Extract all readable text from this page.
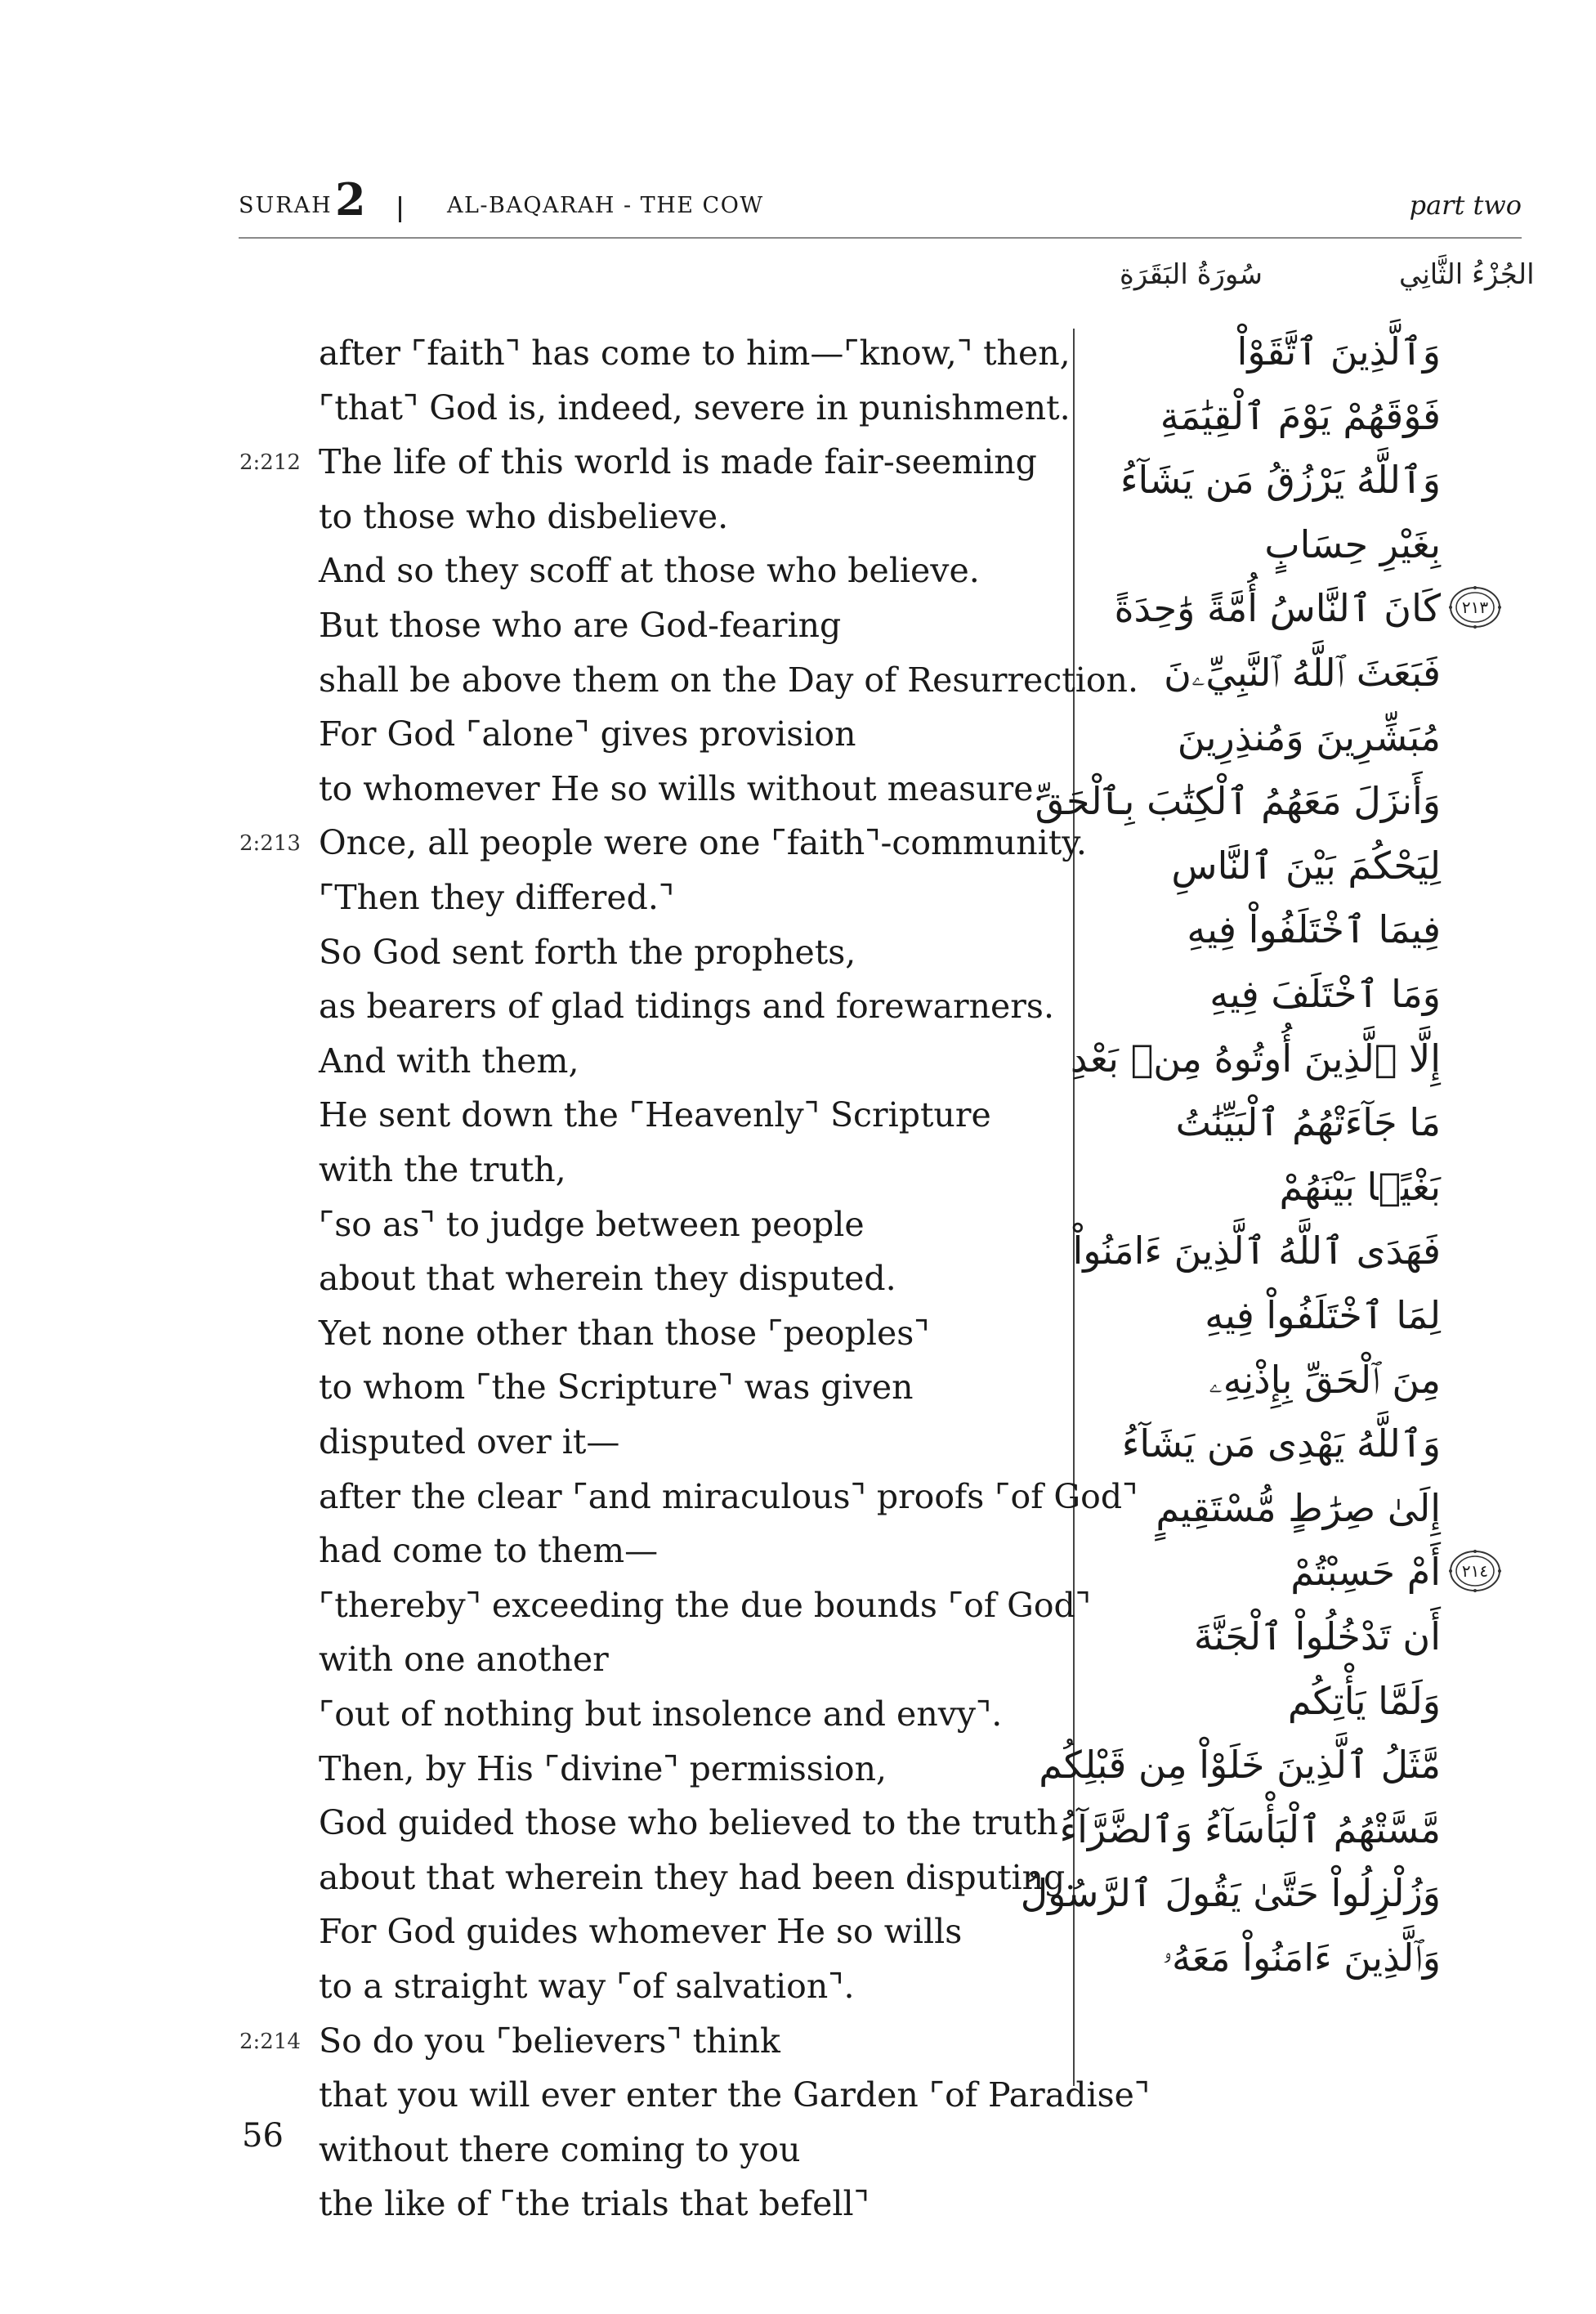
SURAH 2	AL-BAQARAH - THE COW	part two
سُورَةُ البَقَرَةِ	الجُزْءُ الثَّانِي
56
after ⌜faith⌝ has come to him—⌜know,⌝ then,
⌜that⌝ God is, indeed, severe in punishment.
2:212 The life of this world is made fair-seeming
to those who disbelieve.
And so they scoff at those who believe.
But those who are God-fearing
shall be above them on the Day of Resurrection.
For God ⌜alone⌝ gives provision
to whomever He so wills without measure.
2:213 Once, all people were one ⌜faith⌝-community.
⌜Then they differed.⌝
So God sent forth the prophets,
as bearers of glad tidings and forewarners.
And with them,
He sent down the ⌜Heavenly⌝ Scripture
with the truth,
⌜so as⌝ to judge between people
about that wherein they disputed.
Yet none other than those ⌜peoples⌝
to whom ⌜the Scripture⌝ was given
disputed over it—
after the clear ⌜and miraculous⌝ proofs ⌜of God⌝
had come to them—
⌜thereby⌝ exceeding the due bounds ⌜of God⌝
with one another
⌜out of nothing but insolence and envy⌝.
Then, by His ⌜divine⌝ permission,
God guided those who believed to the truth
about that wherein they had been disputing.
For God guides whomever He so wills
to a straight way ⌜of salvation⌝.
2:214 So do you ⌜believers⌝ think
that you will ever enter the Garden ⌜of Paradise⌝
without there coming to you
the like of ⌜the trials that befell⌝
وَٱلَّذِينَ ٱتَّقَوْاْ
فَوْقَهُمْ يَوْمَ ٱلْقِيَٰمَةِ
وَٱللَّهُ يَرْزُقُ مَن يَشَآءُ
بِغَيْرِ حِسَابٍ
كَانَ ٱلنَّاسُ أُمَّةً وَٰحِدَةً	٢١٣
فَبَعَثَ ٱللَّهُ ٱلنَّبِيِّۦنَ
مُبَشِّرِينَ وَمُنذِرِينَ
وَأَنزَلَ مَعَهُمُ ٱلْكِتَٰبَ بِٱلْحَقِّ
لِيَحْكُمَ بَيْنَ ٱلنَّاسِ
فِيمَا ٱخْتَلَفُواْ فِيهِ
وَمَا ٱخْتَلَفَ فِيهِ
إِلَّا ٱلَّذِينَ أُوتُوهُ مِنۢ بَعْدِ
مَا جَآءَتْهُمُ ٱلْبَيِّنَٰتُ
بَغْيًۢا بَيْنَهُمْ
فَهَدَى ٱللَّهُ ٱلَّذِينَ ءَامَنُواْ
لِمَا ٱخْتَلَفُواْ فِيهِ
مِنَ ٱلْحَقِّ بِإِذْنِهِۦ
وَٱللَّهُ يَهْدِى مَن يَشَآءُ
إِلَىٰ صِرَٰطٍ مُّسْتَقِيمٍ
أَمْ حَسِبْتُمْ	٢١٤
أَن تَدْخُلُواْ ٱلْجَنَّةَ
وَلَمَّا يَأْتِكُم
مَّثَلُ ٱلَّذِينَ خَلَوْاْ مِن قَبْلِكُم
مَّسَّتْهُمُ ٱلْبَأْسَآءُ وَٱلضَّرَّآءُ
وَزُلْزِلُواْ حَتَّىٰ يَقُولَ ٱلرَّسُولُ
وَٱلَّذِينَ ءَامَنُواْ مَعَهُۥ
